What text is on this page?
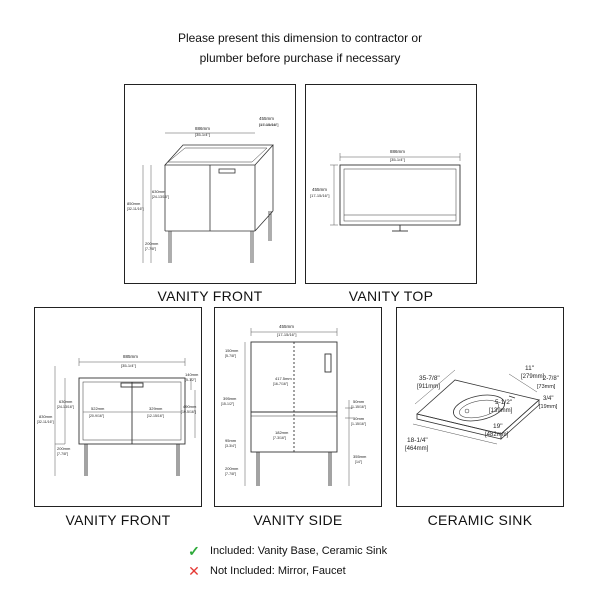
Please present this dimension to contractor or
plumber before purchase if necessary
886mm
[35-1/4"]
455mm
[17-15/16"]
630mm
[24-13/16"]
850mm
[32-11/16"]
200mm
[7-7/8"]
VANITY FRONT
886mm
[35-1/4"]
455mm
[17-15/16"]
VANITY TOP
885mm
[35-1/4"]
630mm
[24-13/16"]
830mm
[32-11/16"]
522mm
[20-9/16"]
329mm
[12-15/16"]
140mm
[5-1/2"]
490mm
[19-5/16"]
200mm
[7-7/8"]
VANITY FRONT
455mm
[17-15/16"]
150mm
[5-7/8"]
417.5mm
[16-7/16"]
395mm
[15-1/2"]	50mm
[1-15/16"]
50mm
[1-15/16"]
182mm
[7-3/16"]
95mm
[3-3/4"]
200mm
[7-7/8"]
355mm
[14"]
VANITY SIDE
35-7/8"
[911mm]
11"
[279mm]
2-7/8"
[73mm]
5-1/2"
[139mm]
3/4"
[19mm]
19"
[482mm]
18-1/4"
[464mm]
CERAMIC SINK
✓ Included: Vanity Base, Ceramic Sink
✕ Not Included: Mirror, Faucet
